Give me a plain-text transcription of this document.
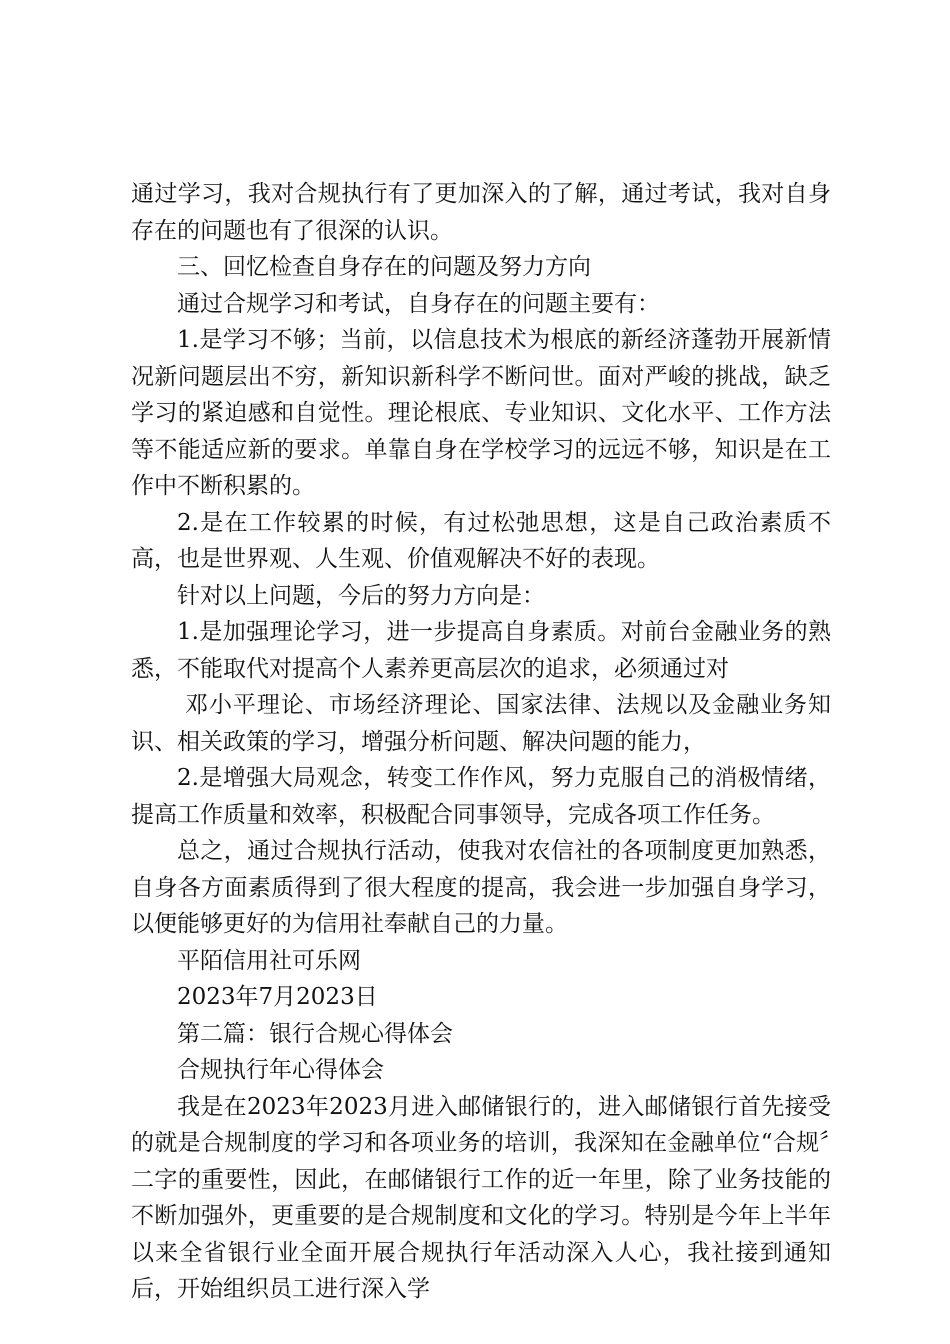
通过学习，我对合规执行有了更加深入的了解，通过考试，我对自身存在的问题也有了很深的认识。

三、回忆检查自身存在的问题及努力方向

通过合规学习和考试，自身存在的问题主要有：

1.是学习不够；当前，以信息技术为根底的新经济蓬勃开展新情况新问题层出不穷，新知识新科学不断问世。面对严峻的挑战，缺乏学习的紧迫感和自觉性。理论根底、专业知识、文化水平、工作方法等不能适应新的要求。单靠自身在学校学习的远远不够，知识是在工作中不断积累的。

2.是在工作较累的时候，有过松弛思想，这是自己政治素质不高，也是世界观、人生观、价值观解决不好的表现。

针对以上问题，今后的努力方向是：

1.是加强理论学习，进一步提高自身素质。对前台金融业务的熟悉，不能取代对提高个人素养更高层次的追求，必须通过对

邓小平理论、市场经济理论、国家法律、法规以及金融业务知识、相关政策的学习，增强分析问题、解决问题的能力，

2.是增强大局观念，转变工作作风，努力克服自己的消极情绪，提高工作质量和效率，积极配合同事领导，完成各项工作任务。

总之，通过合规执行活动，使我对农信社的各项制度更加熟悉，自身各方面素质得到了很大程度的提高，我会进一步加强自身学习，以便能够更好的为信用社奉献自己的力量。

平陌信用社可乐网

2023年7月2023日

第二篇：银行合规心得体会

合规执行年心得体会

我是在2023年2023月进入邮储银行的，进入邮储银行首先接受的就是合规制度的学习和各项业务的培训，我深知在金融单位“合规〞二字的重要性，因此，在邮储银行工作的近一年里，除了业务技能的不断加强外，更重要的是合规制度和文化的学习。特别是今年上半年以来全省银行业全面开展合规执行年活动深入人心，我社接到通知后，开始组织员工进行深入学
